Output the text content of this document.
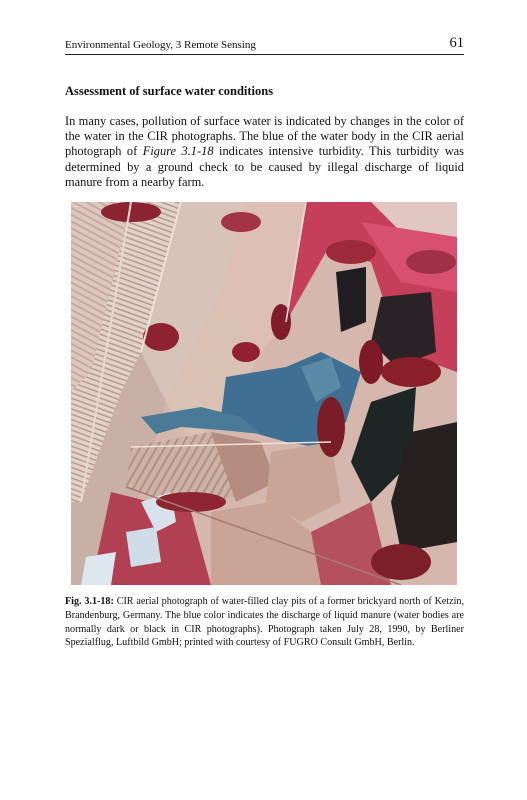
Environmental Geology, 3 Remote Sensing	61
Assessment of surface water conditions

In many cases, pollution of surface water is indicated by changes in the color of the water in the CIR photographs. The blue of the water body in the CIR aerial photograph of Figure 3.1-18 indicates intensive turbidity. This turbidity was determined by a ground check to be caused by illegal discharge of liquid manure from a nearby farm.

Fig. 3.1-18: CIR aerial photograph of water-filled clay pits of a former brickyard north of Ketzin, Brandenburg, Germany. The blue color indicates the discharge of liquid manure (water bodies are normally dark or black in CIR photographs). Photograph taken July 28, 1990, by Berliner Spezialflug, Luftbild GmbH; printed with courtesy of FUGRO Consult GmbH, Berlin.
